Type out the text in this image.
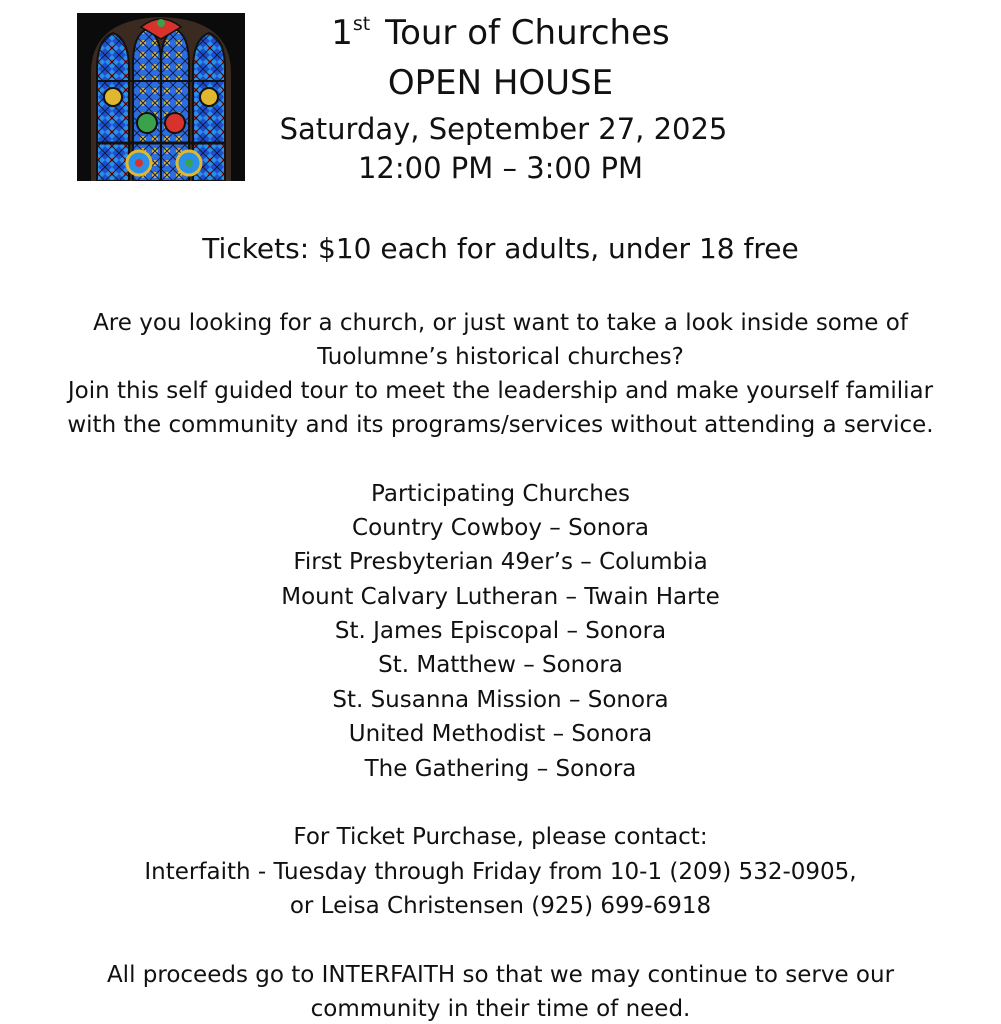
1st Tour of Churches
OPEN HOUSE
Saturday, September 27, 2025
12:00 PM – 3:00 PM
Tickets: $10 each for adults, under 18 free
Are you looking for a church, or just want to take a look inside some of
Tuolumne’s historical churches?
Join this self guided tour to meet the leadership and make yourself familiar
with the community and its programs/services without attending a service.
Participating Churches
Country Cowboy – Sonora
First Presbyterian 49er’s – Columbia
Mount Calvary Lutheran – Twain Harte
St. James Episcopal – Sonora
St. Matthew – Sonora
St. Susanna Mission – Sonora
United Methodist – Sonora
The Gathering – Sonora
For Ticket Purchase, please contact:
Interfaith - Tuesday through Friday from 10-1 (209) 532-0905,
or Leisa Christensen (925) 699-6918
All proceeds go to INTERFAITH so that we may continue to serve our
community in their time of need.
